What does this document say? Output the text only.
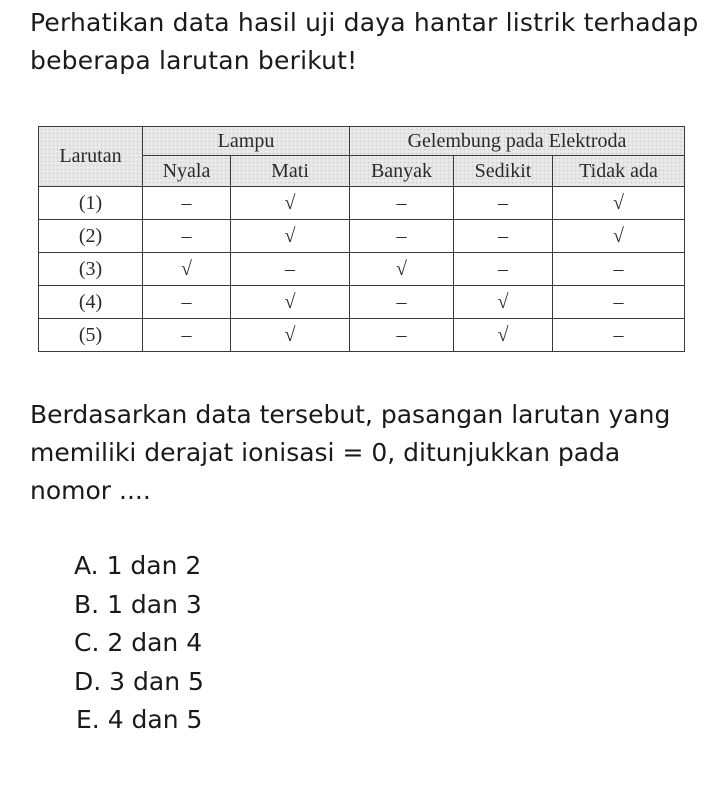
Perhatikan data hasil uji daya hantar listrik terhadap beberapa larutan berikut!
Larutan	Lampu		Gelembung pada Elektroda		
	Nyala	Mati	Banyak	Sedikit	Tidak ada
(1)	–	√	–	–	√
(2)	–	√	–	–	√
(3)	√	–	√	–	–
(4)	–	√	–	√	–
(5)	–	√	–	√	–
Berdasarkan data tersebut, pasangan larutan yang memiliki derajat ionisasi = 0, ditunjukkan pada nomor ....
A. 1 dan 2
B. 1 dan 3
C. 2 dan 4
D. 3 dan 5
E. 4 dan 5
